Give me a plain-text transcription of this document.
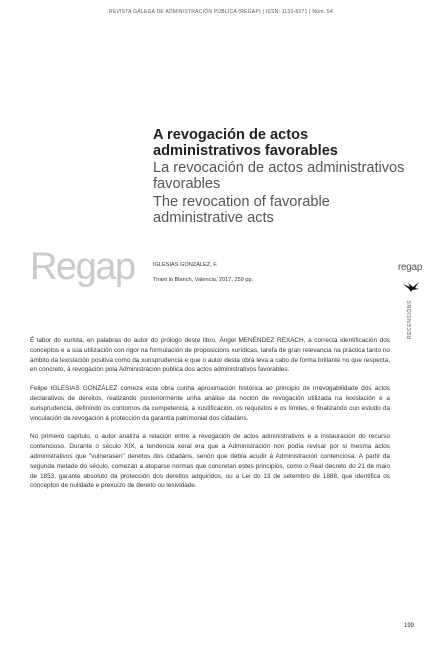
REVISTA GALEGA DE ADMINISTRACIÓN PÚBLICA (REGAP) | ISSN: 1132-8371 | Núm. 54
A revogación de actos administrativos favorables
La revocación de actos administrativos favorables
The revocation of favorable administrative acts
Regap	IGLESIAS GONZÁLEZ, F.
Tirant lo Blanch, Valencia, 2017, 259 pp.
regap
RECENSIÓNS

É labor do xurista, en palabras do autor do prólogo deste libro, Ángel MENÉNDEZ REXACH, a correcta identificación dos conceptos e a súa utilización con rigor na formulación de proposicións xurídicas, tarefa de gran relevancia na práctica tanto no ámbito da lexislación positiva como da xurisprudencia e que o autor desta obra leva a cabo de forma brillante no que respecta, en concreto, á revogación pola Administración pública dos actos administrativos favorables.

Felipe IGLESIAS GONZÁLEZ comeza esta obra cunha aproximación histórica ao principio de irrevogabilidade dos actos declarativos de dereitos, realizando posteriormente unha análise da noción de revogación utilizada na lexislación e a xurisprudencia, definindo os contornos da competencia, a xustificación, os requisitos e os límites, e finalizando cun estudo da vinculación da revogación á protección da garantía patrimonial dos cidadáns.

No primeiro capítulo, o autor analiza a relación entre a revogación de actos administrativos e a instauración do recurso contencioso. Durante o século XIX, a tendencia xeral era que a Administración non podía revisar por si mesma actos administrativos que "vulnerasen" dereitos dos cidadáns, senón que debía acudir á Administración contenciosa. A partir da segunda metade do século, comezan a atoparse normas que concretan estes principios, como o Real decreto do 21 de maio de 1853, garante absoluto da protección dos dereitos adquiridos, ou a Lei do 13 de setembro de 1888, que identifica os conceptos de nulidade e prexuízo de dereito ou lesividade.

199
